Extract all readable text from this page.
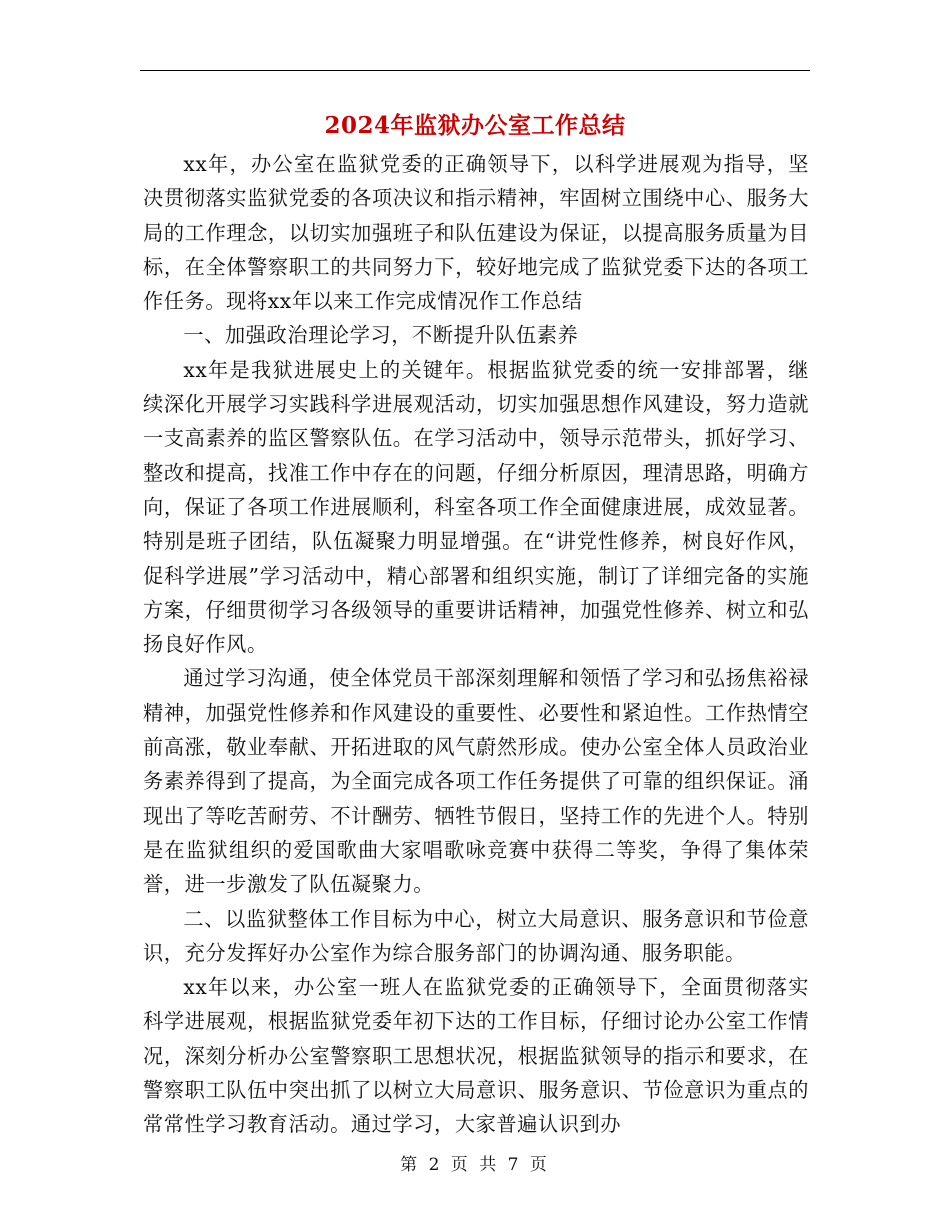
2024年监狱办公室工作总结

xx年，办公室在监狱党委的正确领导下，以科学进展观为指导，坚决贯彻落实监狱党委的各项决议和指示精神，牢固树立围绕中心、服务大局的工作理念，以切实加强班子和队伍建设为保证，以提高服务质量为目标，在全体警察职工的共同努力下，较好地完成了监狱党委下达的各项工作任务。现将xx年以来工作完成情况作工作总结

一、加强政治理论学习，不断提升队伍素养

xx年是我狱进展史上的关键年。根据监狱党委的统一安排部署，继续深化开展学习实践科学进展观活动，切实加强思想作风建设，努力造就一支高素养的监区警察队伍。在学习活动中，领导示范带头，抓好学习、整改和提高，找准工作中存在的问题，仔细分析原因，理清思路，明确方向，保证了各项工作进展顺利，科室各项工作全面健康进展，成效显著。特别是班子团结，队伍凝聚力明显增强。在“讲党性修养，树良好作风，促科学进展”学习活动中，精心部署和组织实施，制订了详细完备的实施方案，仔细贯彻学习各级领导的重要讲话精神，加强党性修养、树立和弘扬良好作风。

通过学习沟通，使全体党员干部深刻理解和领悟了学习和弘扬焦裕禄精神，加强党性修养和作风建设的重要性、必要性和紧迫性。工作热情空前高涨，敬业奉献、开拓进取的风气蔚然形成。使办公室全体人员政治业务素养得到了提高，为全面完成各项工作任务提供了可靠的组织保证。涌现出了等吃苦耐劳、不计酬劳、牺牲节假日，坚持工作的先进个人。特别是在监狱组织的爱国歌曲大家唱歌咏竞赛中获得二等奖，争得了集体荣誉，进一步激发了队伍凝聚力。

二、以监狱整体工作目标为中心，树立大局意识、服务意识和节俭意识，充分发挥好办公室作为综合服务部门的协调沟通、服务职能。

xx年以来，办公室一班人在监狱党委的正确领导下，全面贯彻落实科学进展观，根据监狱党委年初下达的工作目标，仔细讨论办公室工作情况，深刻分析办公室警察职工思想状况，根据监狱领导的指示和要求，在警察职工队伍中突出抓了以树立大局意识、服务意识、节俭意识为重点的常常性学习教育活动。通过学习，大家普遍认识到办

第 2 页 共 7 页
